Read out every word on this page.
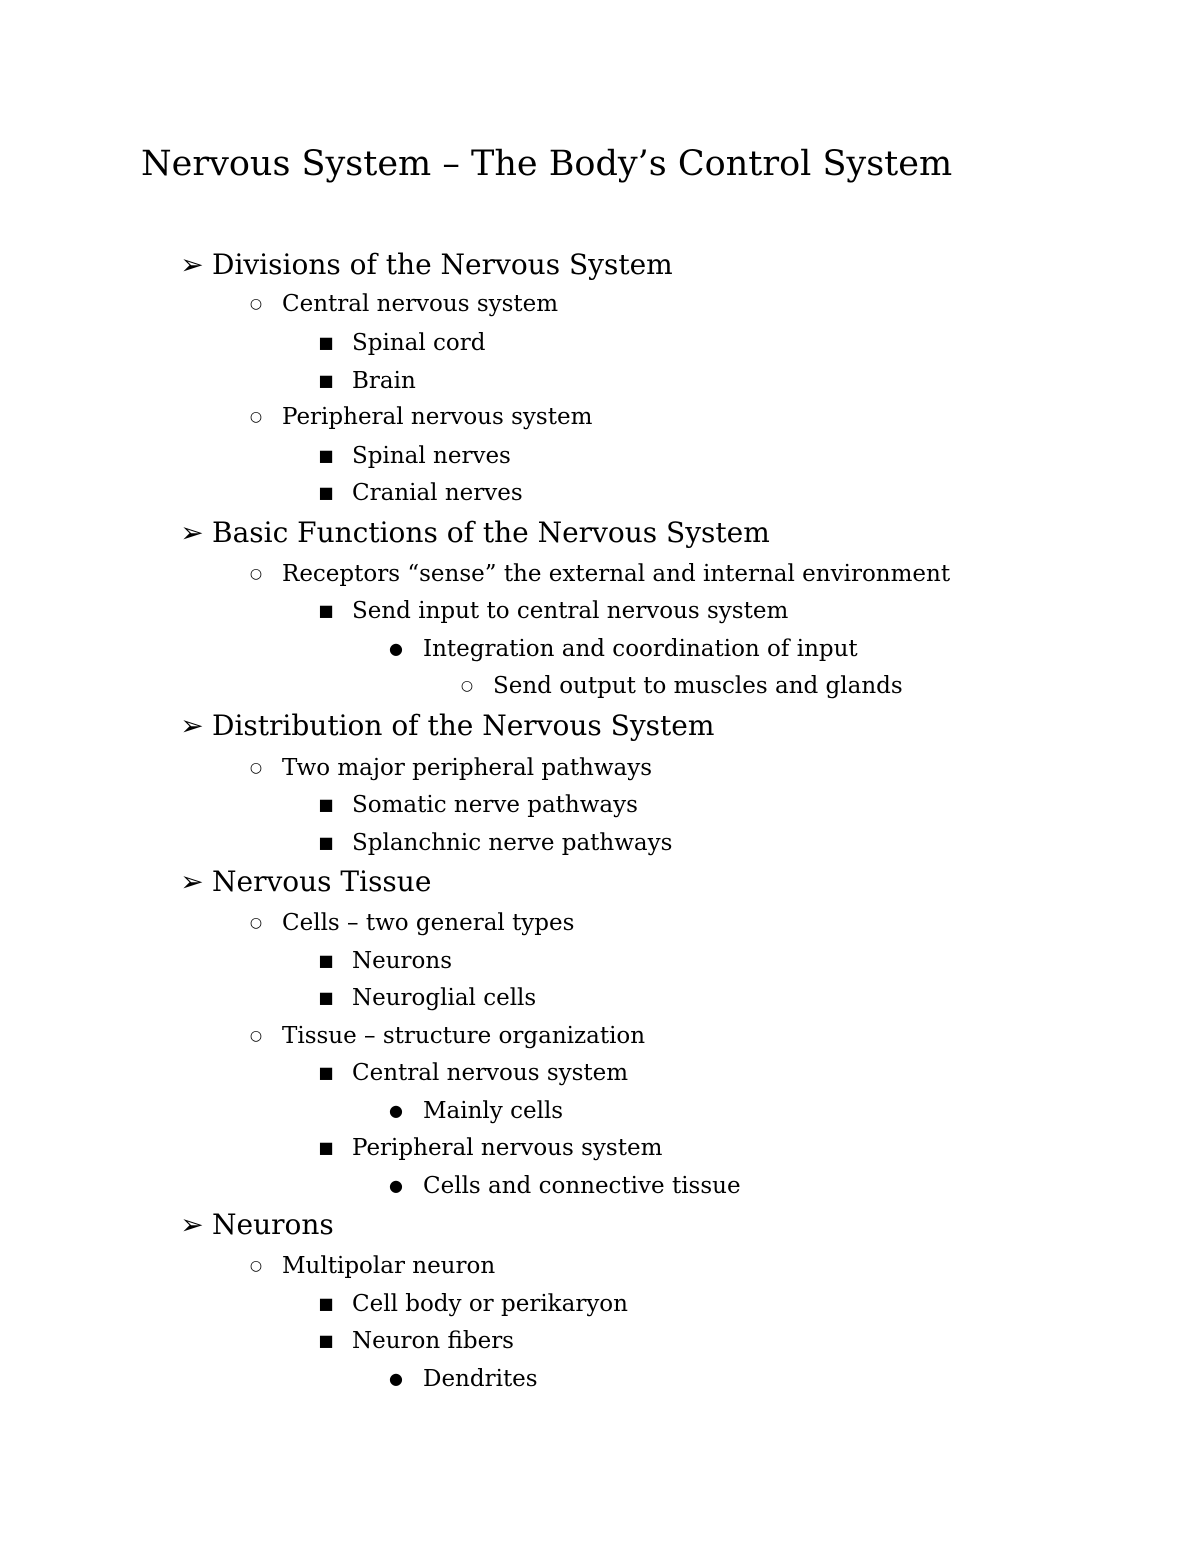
Nervous System – The Body’s Control System
➢ Divisions of the Nervous System
○ Central nervous system
■ Spinal cord
■ Brain
○ Peripheral nervous system
■ Spinal nerves
■ Cranial nerves
➢ Basic Functions of the Nervous System
○ Receptors “sense” the external and internal environment
■ Send input to central nervous system
● Integration and coordination of input
○ Send output to muscles and glands
➢ Distribution of the Nervous System
○ Two major peripheral pathways
■ Somatic nerve pathways
■ Splanchnic nerve pathways
➢ Nervous Tissue
○ Cells – two general types
■ Neurons
■ Neuroglial cells
○ Tissue – structure organization
■ Central nervous system
● Mainly cells
■ Peripheral nervous system
● Cells and connective tissue
➢ Neurons
○ Multipolar neuron
■ Cell body or perikaryon
■ Neuron fibers
● Dendrites
